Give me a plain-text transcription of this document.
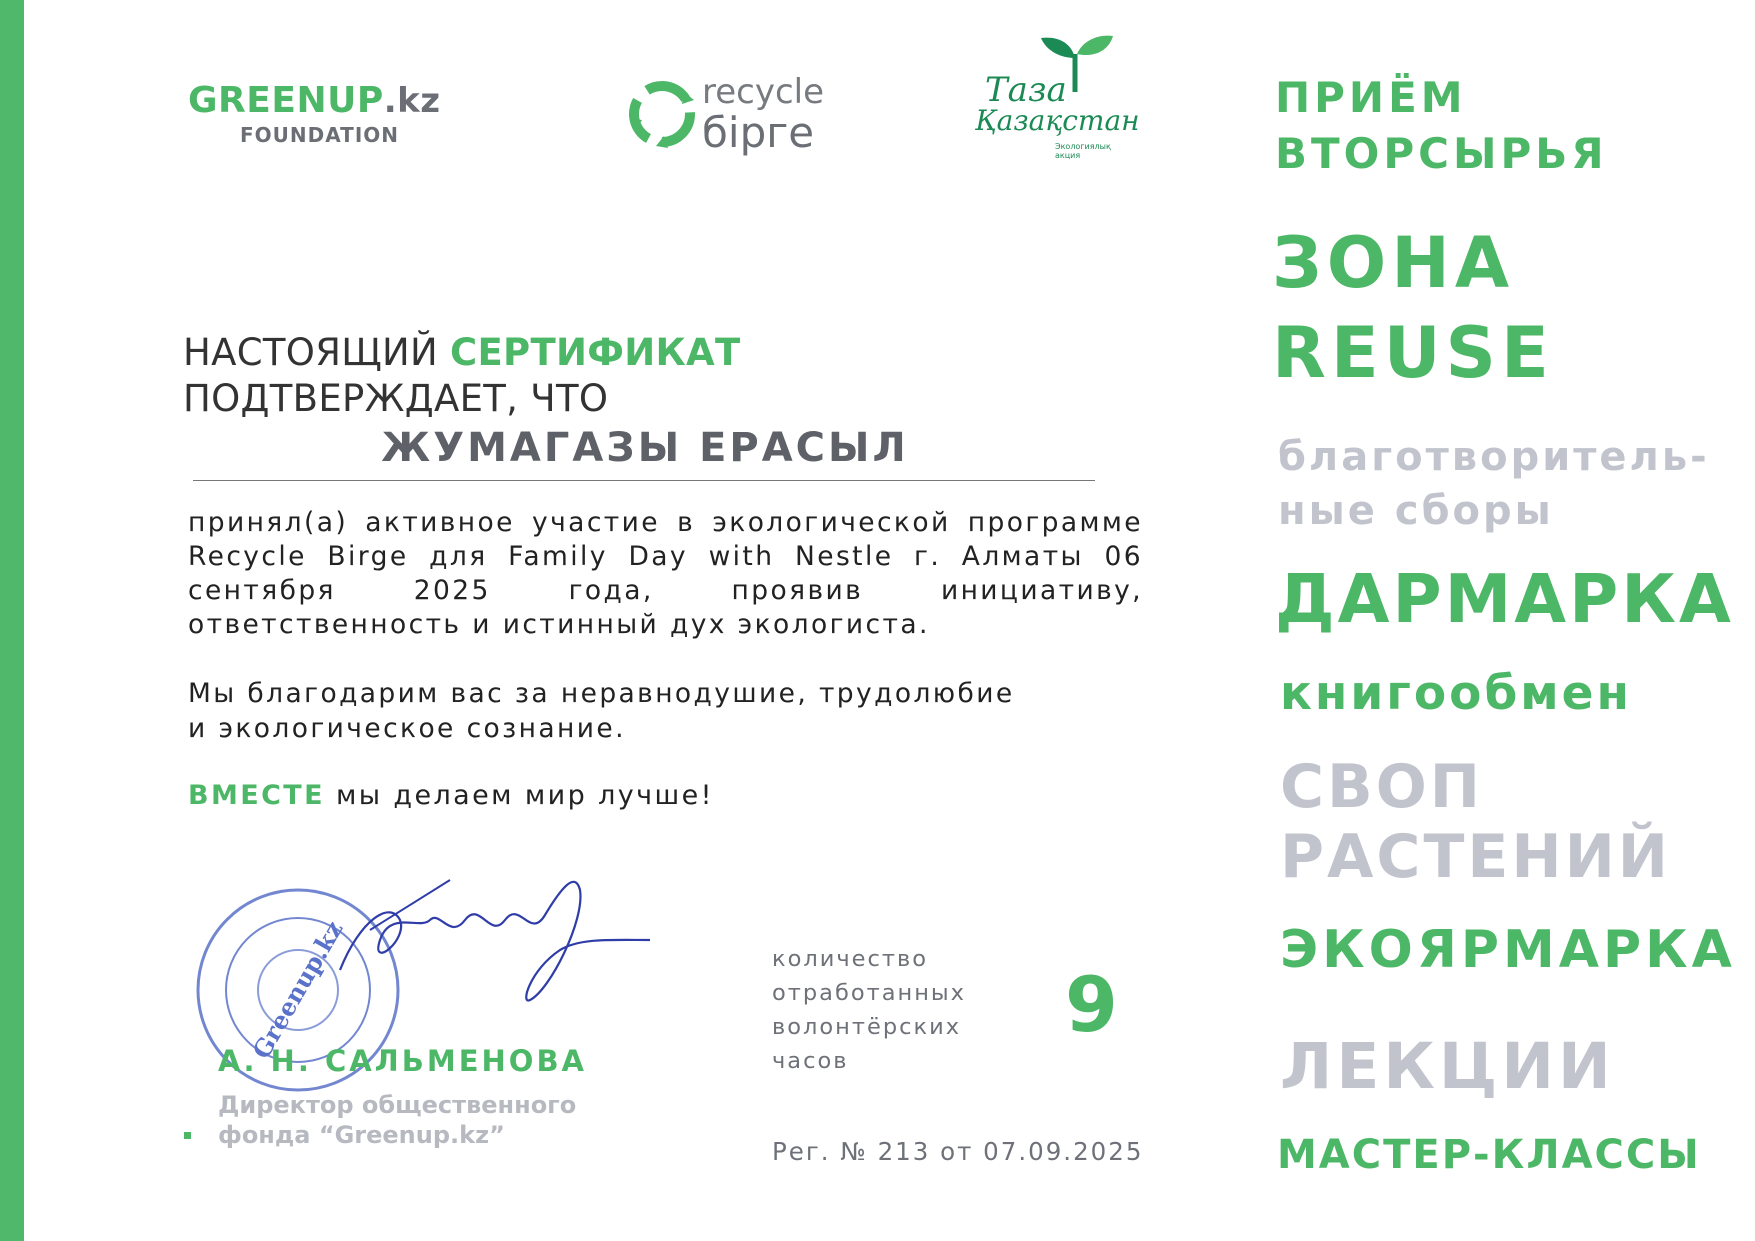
GREENUP.kz
FOUNDATION
recycle
бірге
Таза
Қазақстан
Экологиялық акция
НАСТОЯЩИЙ СЕРТИФИКАТ ПОДТВЕРЖДАЕТ, ЧТО
ЖУМАГАЗЫ ЕРАСЫЛ

принял(а) активное участие в экологической программе Recycle Birge для Family Day with Nestle г. Алматы 06 сентября 2025 года, проявив инициативу, ответственность и истинный дух экологиста.

Мы благодарим вас за неравнодушие, трудолюбие
и экологическое сознание.
ВМЕСТЕ мы делаем мир лучше!
Greenup.kz
А. Н. САЛЬМЕНОВА
Директор общественного
фонда “Greenup.kz”
количество
отработанных
волонтёрских
часов
9
Рег. № 213 от 07.09.2025
ПРИЁМ
ВТОРСЫРЬЯ
ЗОНА
REUSE
благотворитель-
ные сборы
ДАРМАРКА
книгообмен
СВОП
РАСТЕНИЙ
ЭКОЯРМАРКА
ЛЕКЦИИ
МАСТЕР-КЛАССЫ
